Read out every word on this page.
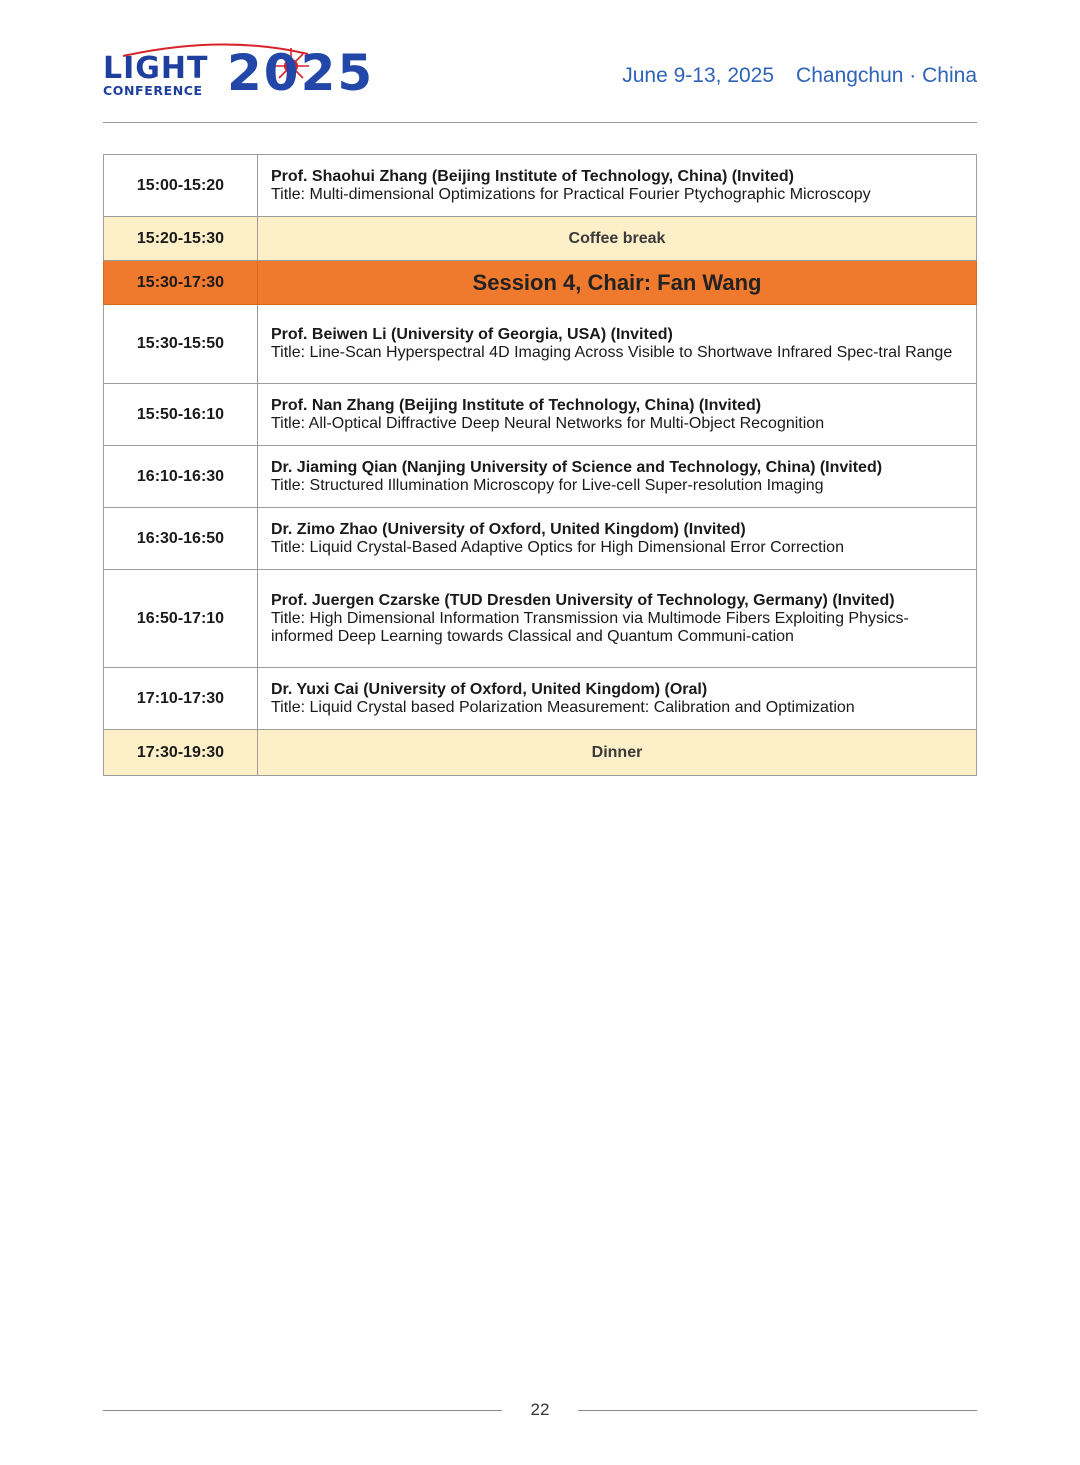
LIGHT
CONFERENCE 2025	June 9-13, 2025 Changchun · China
15:00-15:20	Prof. Shaohui Zhang (Beijing Institute of Technology, China) (Invited)
Title: Multi-dimensional Optimizations for Practical Fourier Ptychographic Microscopy

15:20-15:30	Coffee break
15:30-17:30	Session 4, Chair: Fan Wang
15:30-15:50	Prof. Beiwen Li (University of Georgia, USA) (Invited)
Title: Line-Scan Hyperspectral 4D Imaging Across Visible to Shortwave Infrared Spec-tral Range

15:50-16:10	Prof. Nan Zhang (Beijing Institute of Technology, China) (Invited)
Title: All-Optical Diffractive Deep Neural Networks for Multi-Object Recognition

16:10-16:30	Dr. Jiaming Qian (Nanjing University of Science and Technology, China) (Invited)
Title: Structured Illumination Microscopy for Live-cell Super-resolution Imaging

16:30-16:50	Dr. Zimo Zhao (University of Oxford, United Kingdom) (Invited)
Title: Liquid Crystal-Based Adaptive Optics for High Dimensional Error Correction

16:50-17:10	Prof. Juergen Czarske (TUD Dresden University of Technology, Germany) (Invited)
Title: High Dimensional Information Transmission via Multimode Fibers Exploiting Physics-informed Deep Learning towards Classical and Quantum Communi-cation

17:10-17:30	Dr. Yuxi Cai (University of Oxford, United Kingdom) (Oral)
Title: Liquid Crystal based Polarization Measurement: Calibration and Optimization

17:30-19:30	Dinner
22
